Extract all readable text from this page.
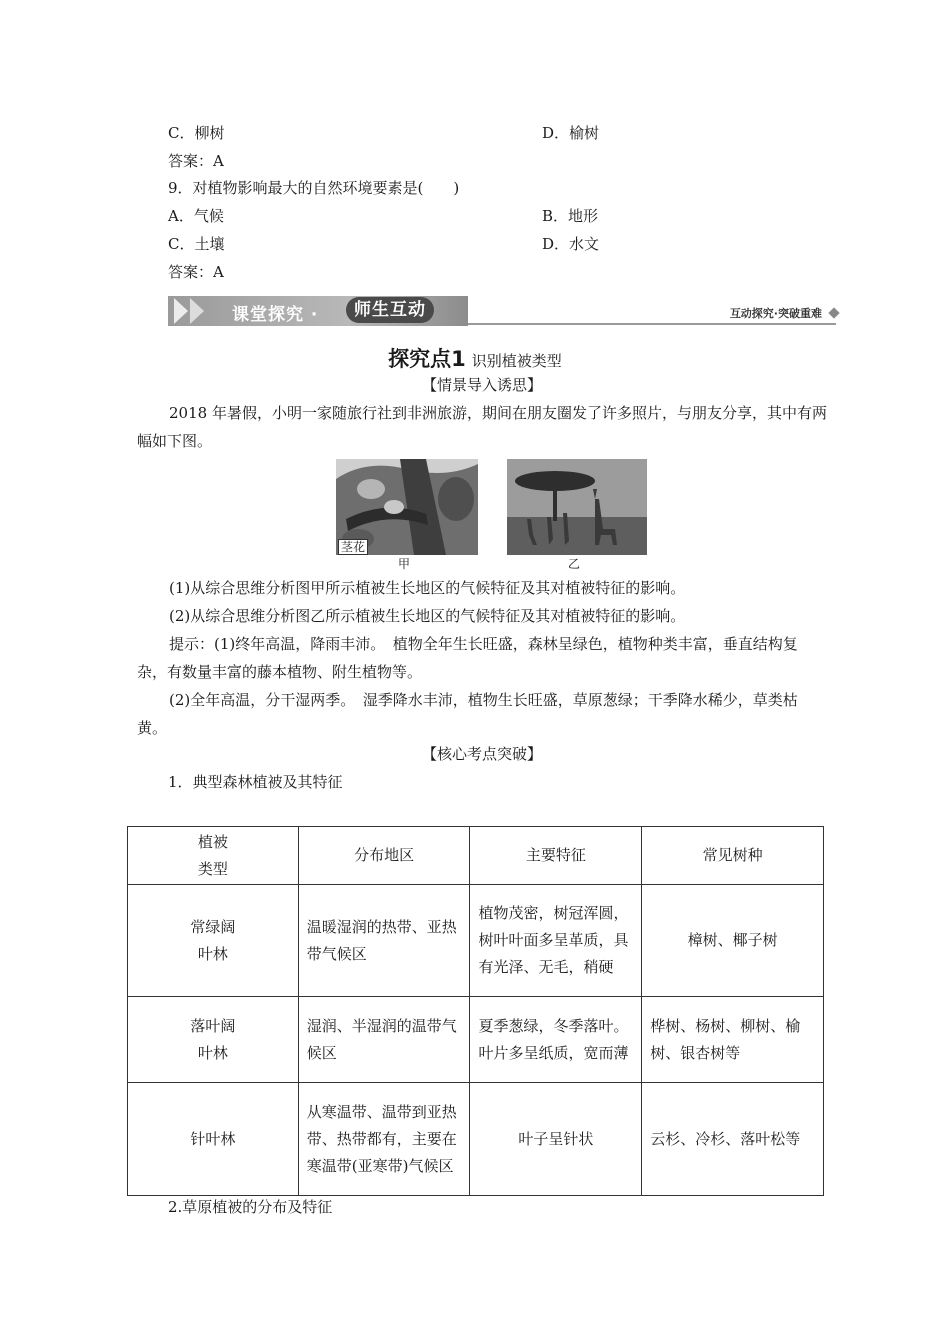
C．柳树	D．榆树
答案：A
9．对植物影响最大的自然环境要素是(　　)
A．气候	B．地形
C．土壤	D．水文
答案：A
课堂探究 ·	师生互动	互动探究·突破重难
探究点1 识别植被类型
【情景导入诱思】
2018 年暑假，小明一家随旅行社到非洲旅游，期间在朋友圈发了许多照片，与朋友分享，其中有两幅如下图。
茎花
甲	乙
(1)从综合思维分析图甲所示植被生长地区的气候特征及其对植被特征的影响。
(2)从综合思维分析图乙所示植被生长地区的气候特征及其对植被特征的影响。
提示：(1)终年高温，降雨丰沛。　植物全年生长旺盛，森林呈绿色，植物种类丰富，垂直结构复杂，有数量丰富的藤本植物、附生植物等。
(2)全年高温，分干湿两季。　湿季降水丰沛，植物生长旺盛，草原葱绿；干季降水稀少，草类枯黄。
【核心考点突破】
1．典型森林植被及其特征
植被
类型	分布地区	主要特征	常见树种
常绿阔
叶林	温暖湿润的热带、亚热带气候区	植物茂密，树冠浑圆，树叶叶面多呈革质，具有光泽、无毛，稍硬	樟树、椰子树
落叶阔
叶林	湿润、半湿润的温带气候区	夏季葱绿，冬季落叶。叶片多呈纸质，宽而薄	桦树、杨树、柳树、榆树、银杏树等
针叶林	从寒温带、温带到亚热带、热带都有，主要在寒温带(亚寒带)气候区	叶子呈针状	云杉、冷杉、落叶松等
2.草原植被的分布及特征
